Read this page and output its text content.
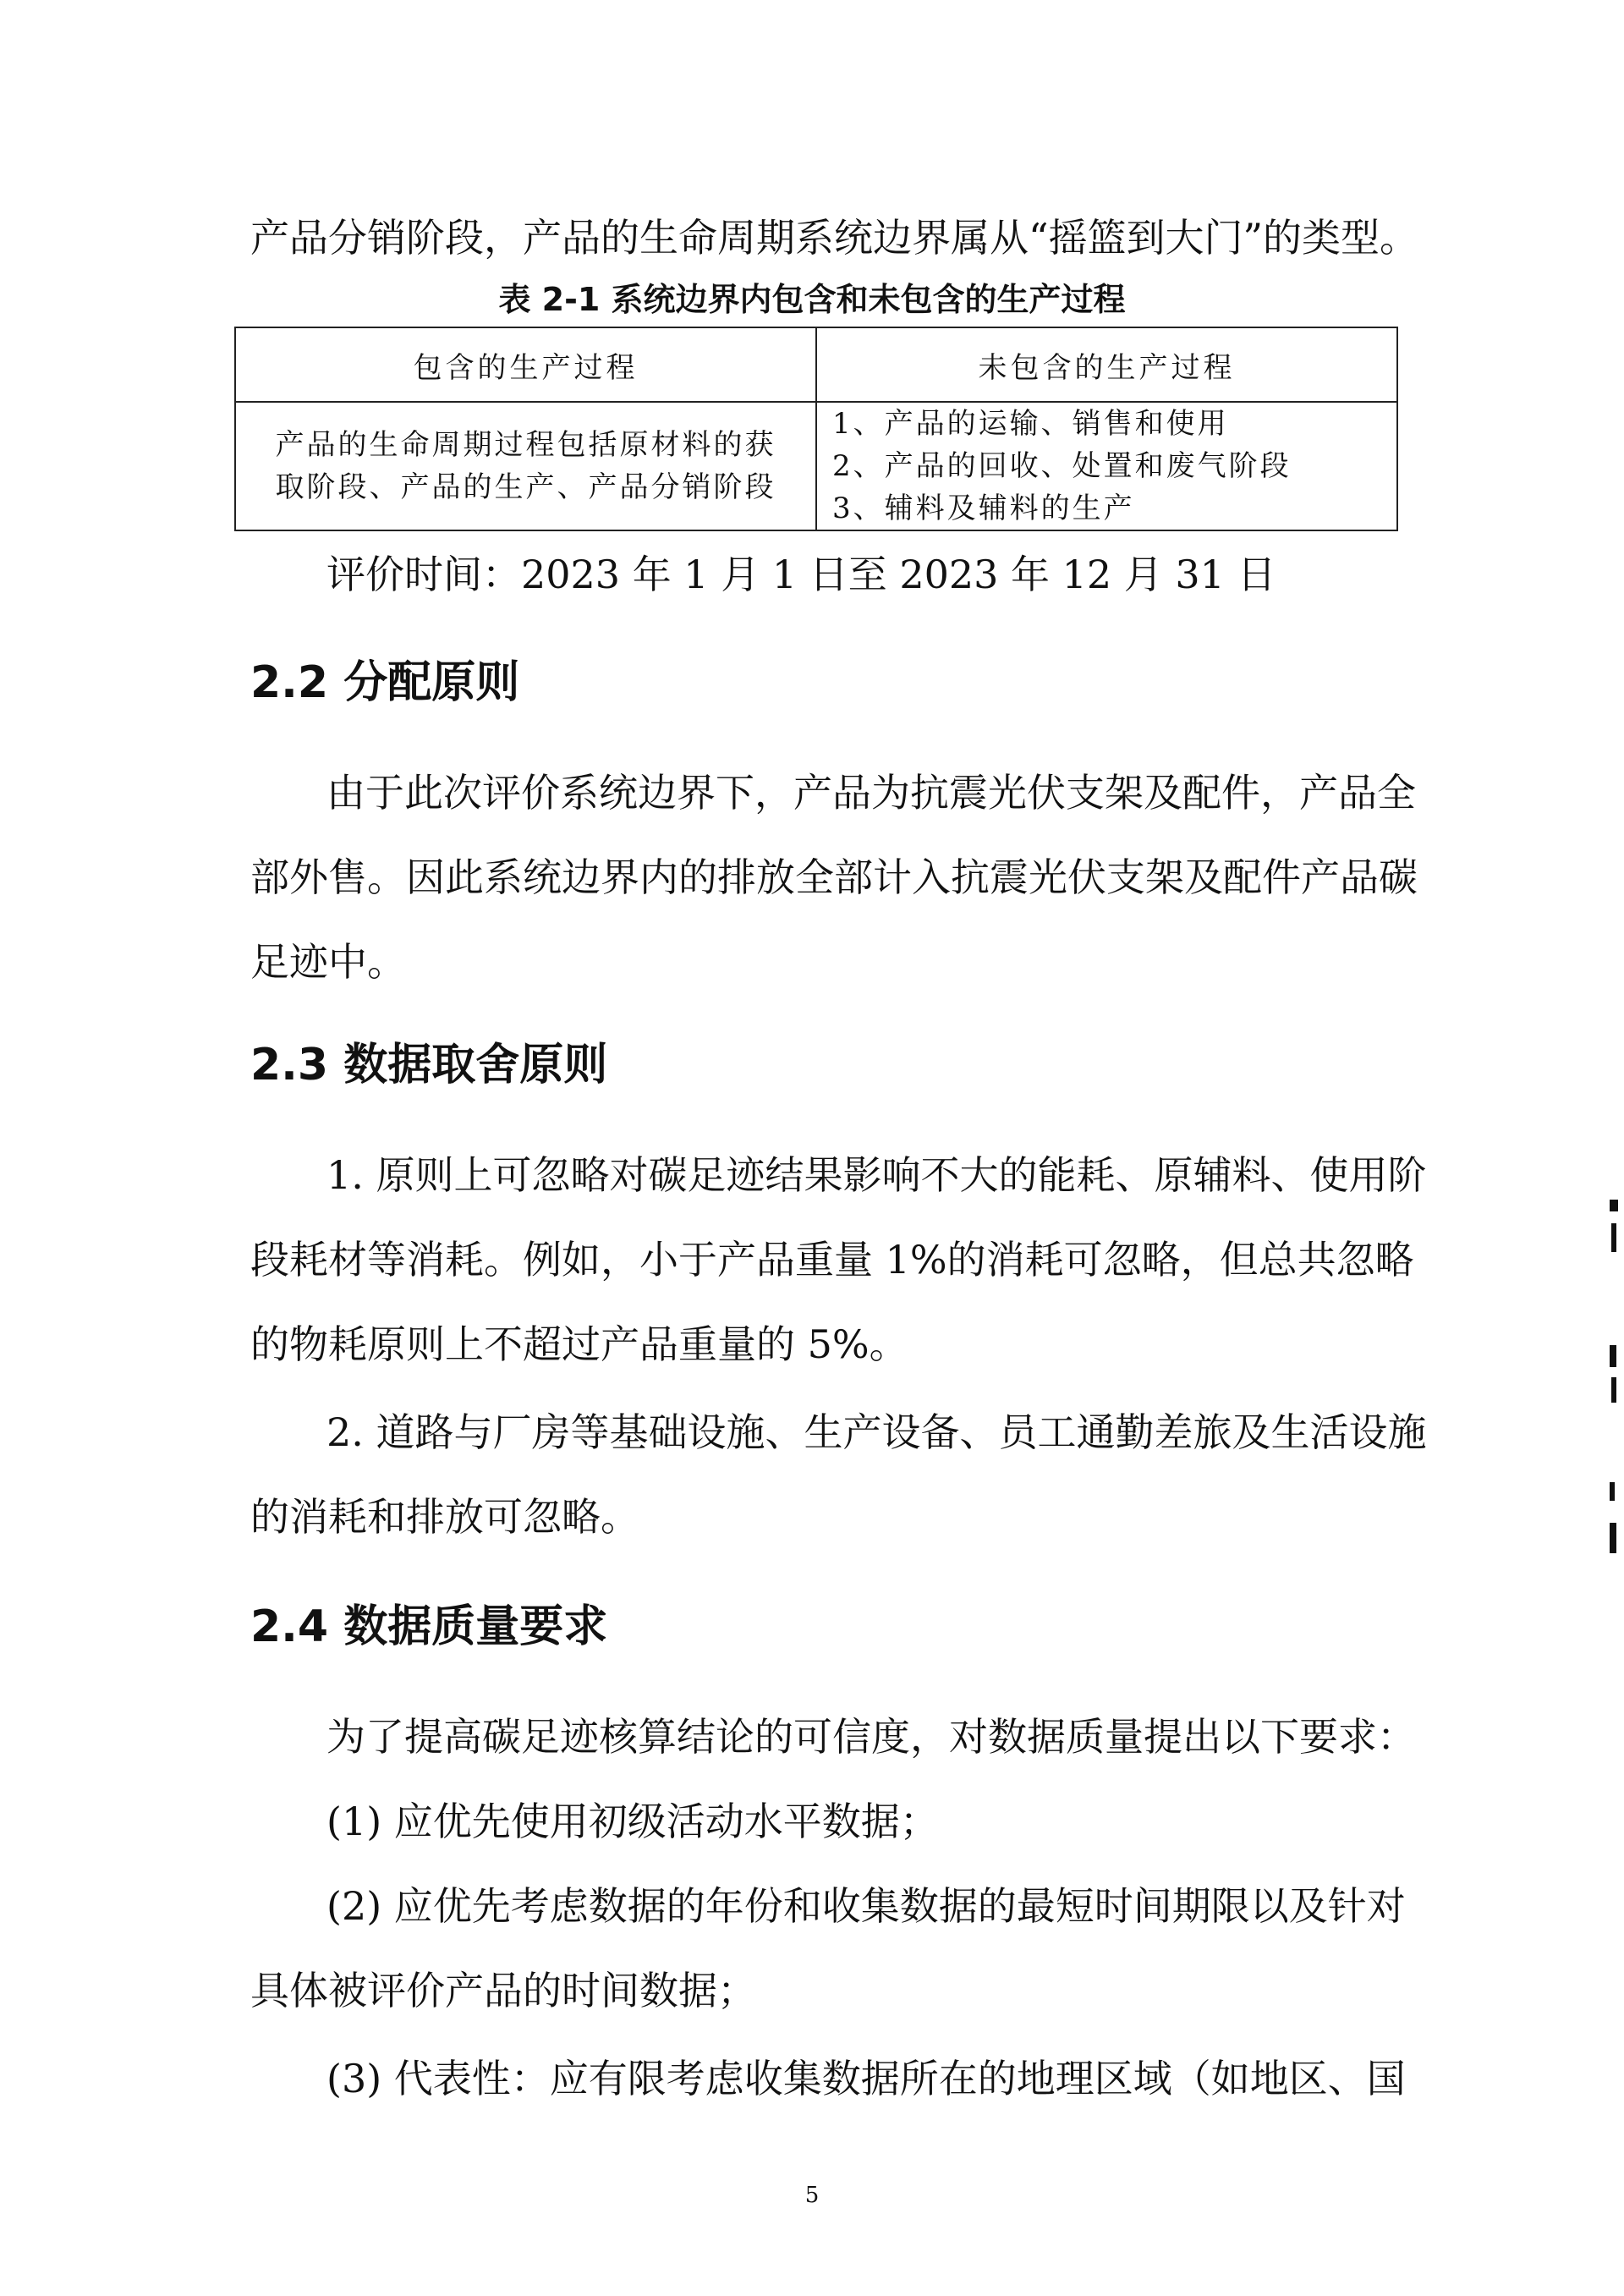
产品分销阶段，产品的生命周期系统边界属从“摇篮到大门”的类型。
表 2-1 系统边界内包含和未包含的生产过程
包含的生产过程	未包含的生产过程

产品的生命周期过程包括原材料的获
取阶段、产品的生产、产品分销阶段	1、产品的运输、销售和使用
2、产品的回收、处置和废气阶段
3、辅料及辅料的生产
评价时间：2023 年 1 月 1 日至 2023 年 12 月 31 日
2.2 分配原则
由于此次评价系统边界下，产品为抗震光伏支架及配件，产品全
部外售。因此系统边界内的排放全部计入抗震光伏支架及配件产品碳
足迹中。
2.3 数据取舍原则
1. 原则上可忽略对碳足迹结果影响不大的能耗、原辅料、使用阶
段耗材等消耗。例如，小于产品重量 1%的消耗可忽略，但总共忽略
的物耗原则上不超过产品重量的 5%。
2. 道路与厂房等基础设施、生产设备、员工通勤差旅及生活设施
的消耗和排放可忽略。
2.4 数据质量要求
为了提高碳足迹核算结论的可信度，对数据质量提出以下要求：
(1) 应优先使用初级活动水平数据；
(2) 应优先考虑数据的年份和收集数据的最短时间期限以及针对
具体被评价产品的时间数据；
(3) 代表性：应有限考虑收集数据所在的地理区域（如地区、国
5
